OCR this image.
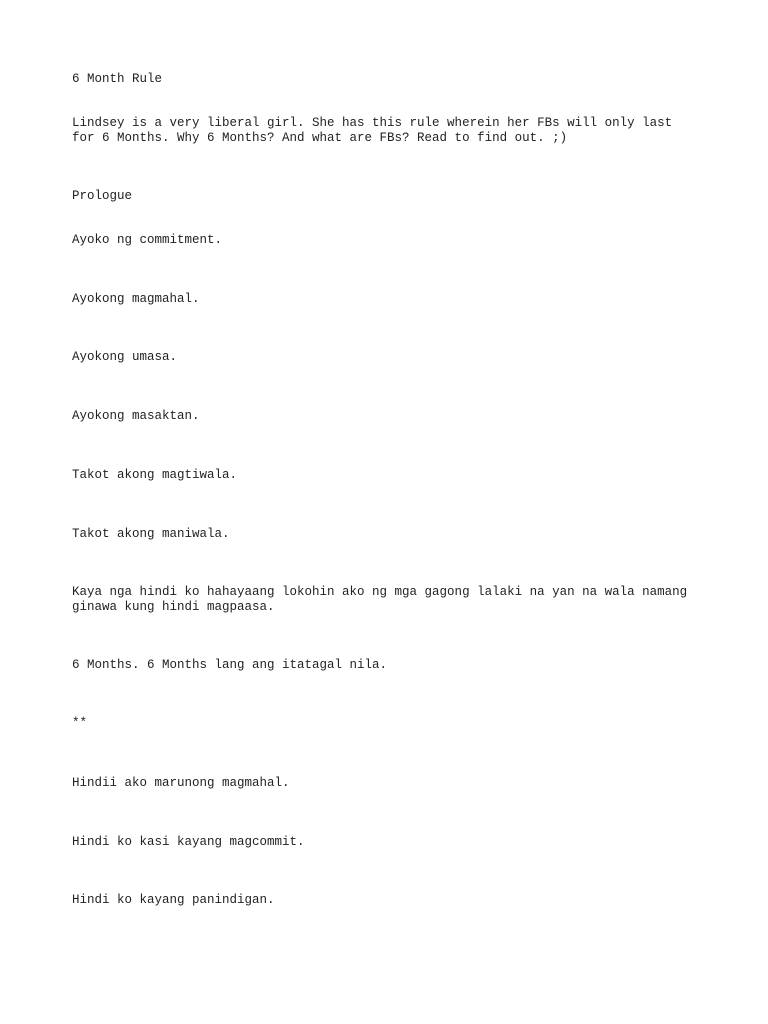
6 Month Rule

Lindsey is a very liberal girl. She has this rule wherein her FBs will only last

for 6 Months. Why 6 Months? And what are FBs? Read to find out. ;)

Prologue

Ayoko ng commitment.

Ayokong magmahal.

Ayokong umasa.

Ayokong masaktan.

Takot akong magtiwala.

Takot akong maniwala.

Kaya nga hindi ko hahayaang lokohin ako ng mga gagong lalaki na yan na wala namang

ginawa kung hindi magpaasa.

6 Months. 6 Months lang ang itatagal nila.

**

Hindii ako marunong magmahal.

Hindi ko kasi kayang magcommit.

Hindi ko kayang panindigan.
